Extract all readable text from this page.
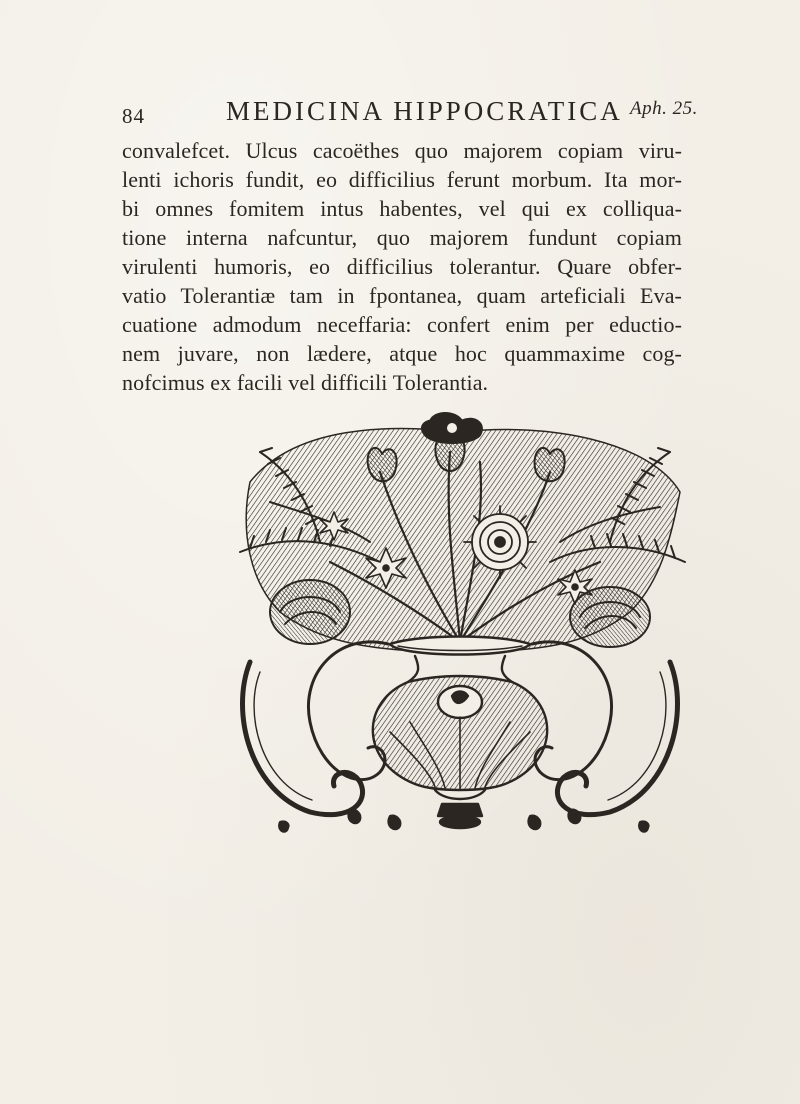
84	MEDICINA HIPPOCRATICA Aph. 25.
convalefcet. Ulcus cacoëthes quo majorem copiam viru-
lenti ichoris fundit, eo difficilius ferunt morbum. Ita mor-
bi omnes fomitem intus habentes, vel qui ex colliqua-
tione interna nafcuntur, quo majorem fundunt copiam
virulenti humoris, eo difficilius tolerantur. Quare obfer-
vatio Tolerantiæ tam in fpontanea, quam arteficiali Eva-
cuatione admodum neceffaria: confert enim per eductio-
nem juvare, non lædere, atque hoc quammaxime cog-
nofcimus ex facili vel difficili Tolerantia.
